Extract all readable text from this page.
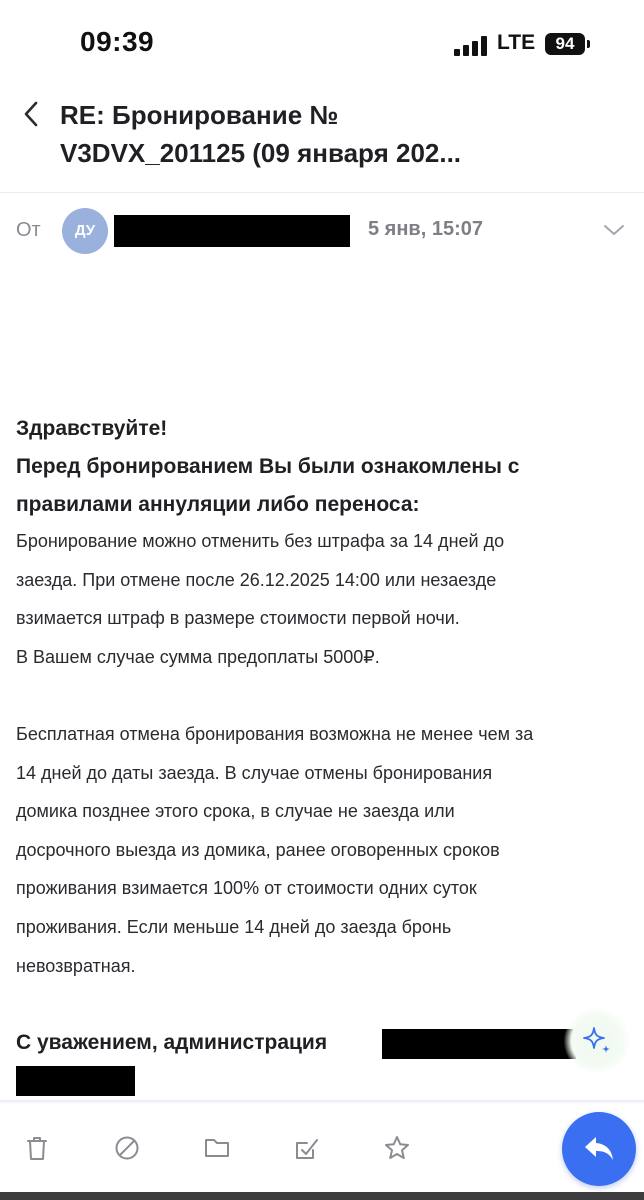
09:39	LTE	94
RE: Бронирование №
V3DVX_201125 (09 января 202...
От	ДУ	5 янв, 15:07
Здравствуйте!
Перед бронированием Вы были ознакомлены с
правилами аннуляции либо переноса:
Бронирование можно отменить без штрафа за 14 дней до
заезда. При отмене после 26.12.2025 14:00 или незаезде
взимается штраф в размере стоимости первой ночи.
В Вашем случае сумма предоплаты 5000₽.
Бесплатная отмена бронирования возможна не менее чем за
14 дней до даты заезда. В случае отмены бронирования
домика позднее этого срока, в случае не заезда или
досрочного выезда из домика, ранее оговоренных сроков
проживания взимается 100% от стоимости одних суток
проживания. Если меньше 14 дней до заезда бронь
невозвратная.
С уважением, администрация
